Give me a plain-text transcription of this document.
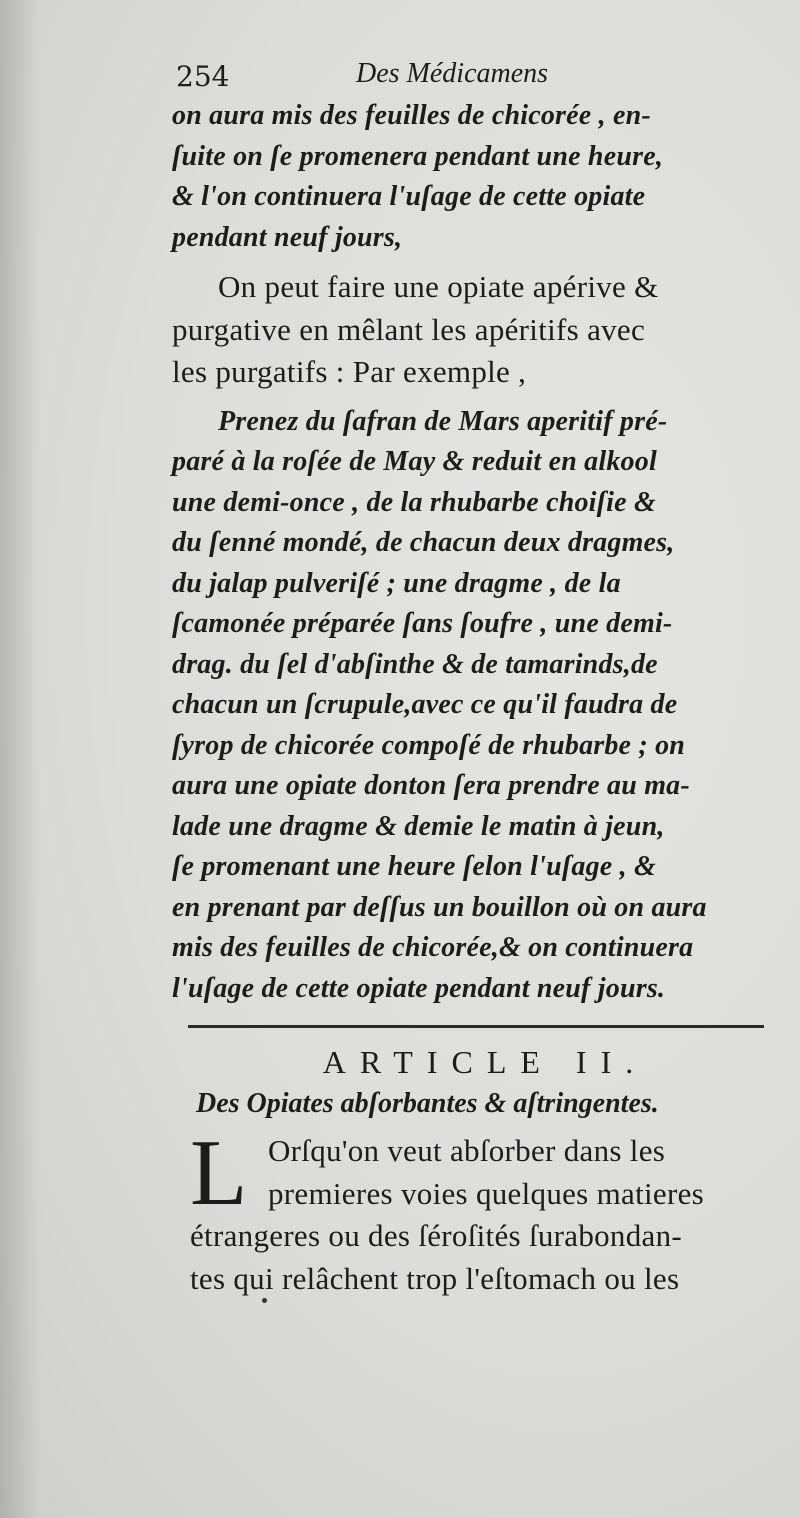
254	Des Médicamens
on aura mis des feuilles de chicorée , en-
ſuite on ſe promenera pendant une heure,
& l'on continuera l'uſage de cette opiate
pendant neuf jours,
On peut faire une opiate apérive &
purgative en mêlant les apéritifs avec
les purgatifs : Par exemple ,
Prenez du ſafran de Mars aperitif pré-
paré à la roſée de May & reduit en alkool
une demi-once , de la rhubarbe choiſie &
du ſenné mondé, de chacun deux dragmes,
du jalap pulveriſé ; une dragme , de la
ſcamonée préparée ſans ſoufre , une demi-
drag. du ſel d'abſinthe & de tamarinds,de
chacun un ſcrupule,avec ce qu'il faudra de
ſyrop de chicorée compoſé de rhubarbe ; on
aura une opiate donton ſera prendre au ma-
lade une dragme & demie le matin à jeun,
ſe promenant une heure ſelon l'uſage , &
en prenant par deſſus un bouillon où on aura
mis des feuilles de chicorée,& on continuera
l'uſage de cette opiate pendant neuf jours.
ARTICLE II.
Des Opiates abſorbantes & aſtringentes.
L Orſqu'on veut abſorber dans les
premieres voies quelques matieres
étrangeres ou des ſéroſités ſurabondan-
tes qui relâchent trop l'eſtomach ou les
